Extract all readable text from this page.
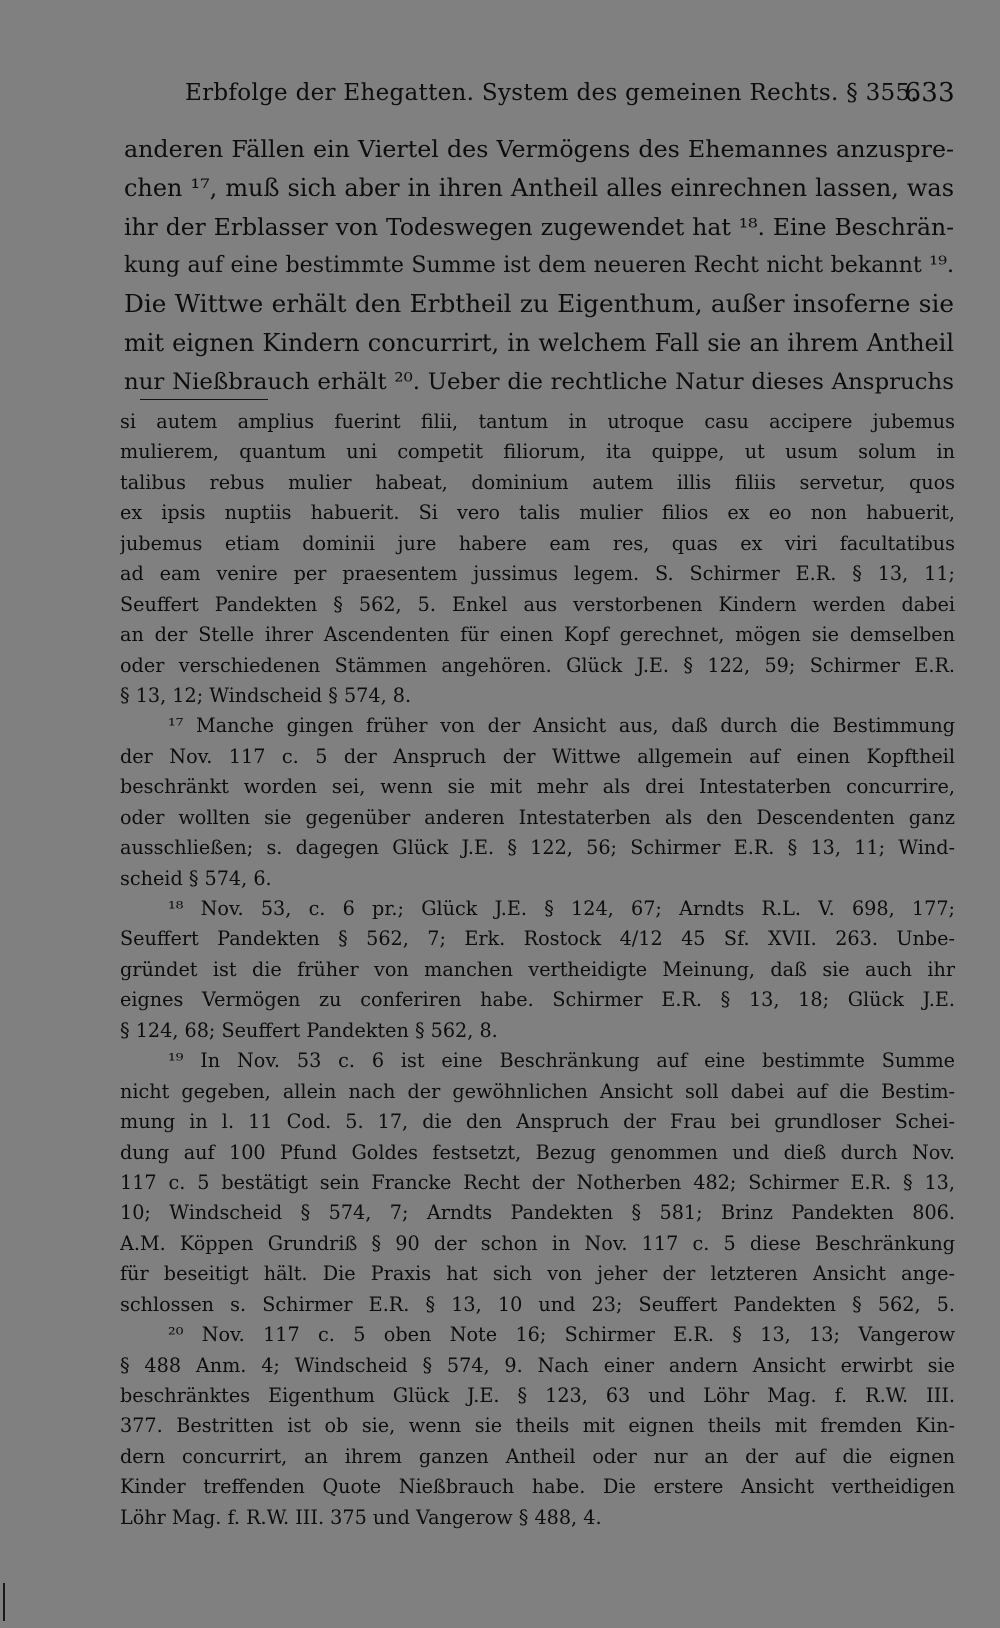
Erbfolge der Ehegatten. System des gemeinen Rechts. § 355.
633
anderen Fällen ein Viertel des Vermögens des Ehemannes anzuspre-
chen ¹⁷, muß sich aber in ihren Antheil alles einrechnen lassen, was
ihr der Erblasser von Todeswegen zugewendet hat ¹⁸. Eine Beschrän-
kung auf eine bestimmte Summe ist dem neueren Recht nicht bekannt ¹⁹.
Die Wittwe erhält den Erbtheil zu Eigenthum, außer insoferne sie
mit eignen Kindern concurrirt, in welchem Fall sie an ihrem Antheil
nur Nießbrauch erhält ²⁰. Ueber die rechtliche Natur dieses Anspruchs
si autem amplius fuerint filii, tantum in utroque casu accipere jubemus
mulierem, quantum uni competit filiorum, ita quippe, ut usum solum in
talibus rebus mulier habeat, dominium autem illis filiis servetur, quos
ex ipsis nuptiis habuerit. Si vero talis mulier filios ex eo non habuerit,
jubemus etiam dominii jure habere eam res, quas ex viri facultatibus
ad eam venire per praesentem jussimus legem. S. Schirmer E.R. § 13, 11;
Seuffert Pandekten § 562, 5. Enkel aus verstorbenen Kindern werden dabei
an der Stelle ihrer Ascendenten für einen Kopf gerechnet, mögen sie demselben
oder verschiedenen Stämmen angehören. Glück J.E. § 122, 59; Schirmer E.R.
§ 13, 12; Windscheid § 574, 8.
¹⁷ Manche gingen früher von der Ansicht aus, daß durch die Bestimmung
der Nov. 117 c. 5 der Anspruch der Wittwe allgemein auf einen Kopftheil
beschränkt worden sei, wenn sie mit mehr als drei Intestaterben concurrire,
oder wollten sie gegenüber anderen Intestaterben als den Descendenten ganz
ausschließen; s. dagegen Glück J.E. § 122, 56; Schirmer E.R. § 13, 11; Wind-
scheid § 574, 6.
¹⁸ Nov. 53, c. 6 pr.; Glück J.E. § 124, 67; Arndts R.L. V. 698, 177;
Seuffert Pandekten § 562, 7; Erk. Rostock 4/12 45 Sf. XVII. 263. Unbe-
gründet ist die früher von manchen vertheidigte Meinung, daß sie auch ihr
eignes Vermögen zu conferiren habe. Schirmer E.R. § 13, 18; Glück J.E.
§ 124, 68; Seuffert Pandekten § 562, 8.
¹⁹ In Nov. 53 c. 6 ist eine Beschränkung auf eine bestimmte Summe
nicht gegeben, allein nach der gewöhnlichen Ansicht soll dabei auf die Bestim-
mung in l. 11 Cod. 5. 17, die den Anspruch der Frau bei grundloser Schei-
dung auf 100 Pfund Goldes festsetzt, Bezug genommen und dieß durch Nov.
117 c. 5 bestätigt sein Francke Recht der Notherben 482; Schirmer E.R. § 13,
10; Windscheid § 574, 7; Arndts Pandekten § 581; Brinz Pandekten 806.
A.M. Köppen Grundriß § 90 der schon in Nov. 117 c. 5 diese Beschränkung
für beseitigt hält. Die Praxis hat sich von jeher der letzteren Ansicht ange-
schlossen s. Schirmer E.R. § 13, 10 und 23; Seuffert Pandekten § 562, 5.
²⁰ Nov. 117 c. 5 oben Note 16; Schirmer E.R. § 13, 13; Vangerow
§ 488 Anm. 4; Windscheid § 574, 9. Nach einer andern Ansicht erwirbt sie
beschränktes Eigenthum Glück J.E. § 123, 63 und Löhr Mag. f. R.W. III.
377. Bestritten ist ob sie, wenn sie theils mit eignen theils mit fremden Kin-
dern concurrirt, an ihrem ganzen Antheil oder nur an der auf die eignen
Kinder treffenden Quote Nießbrauch habe. Die erstere Ansicht vertheidigen
Löhr Mag. f. R.W. III. 375 und Vangerow § 488, 4.
